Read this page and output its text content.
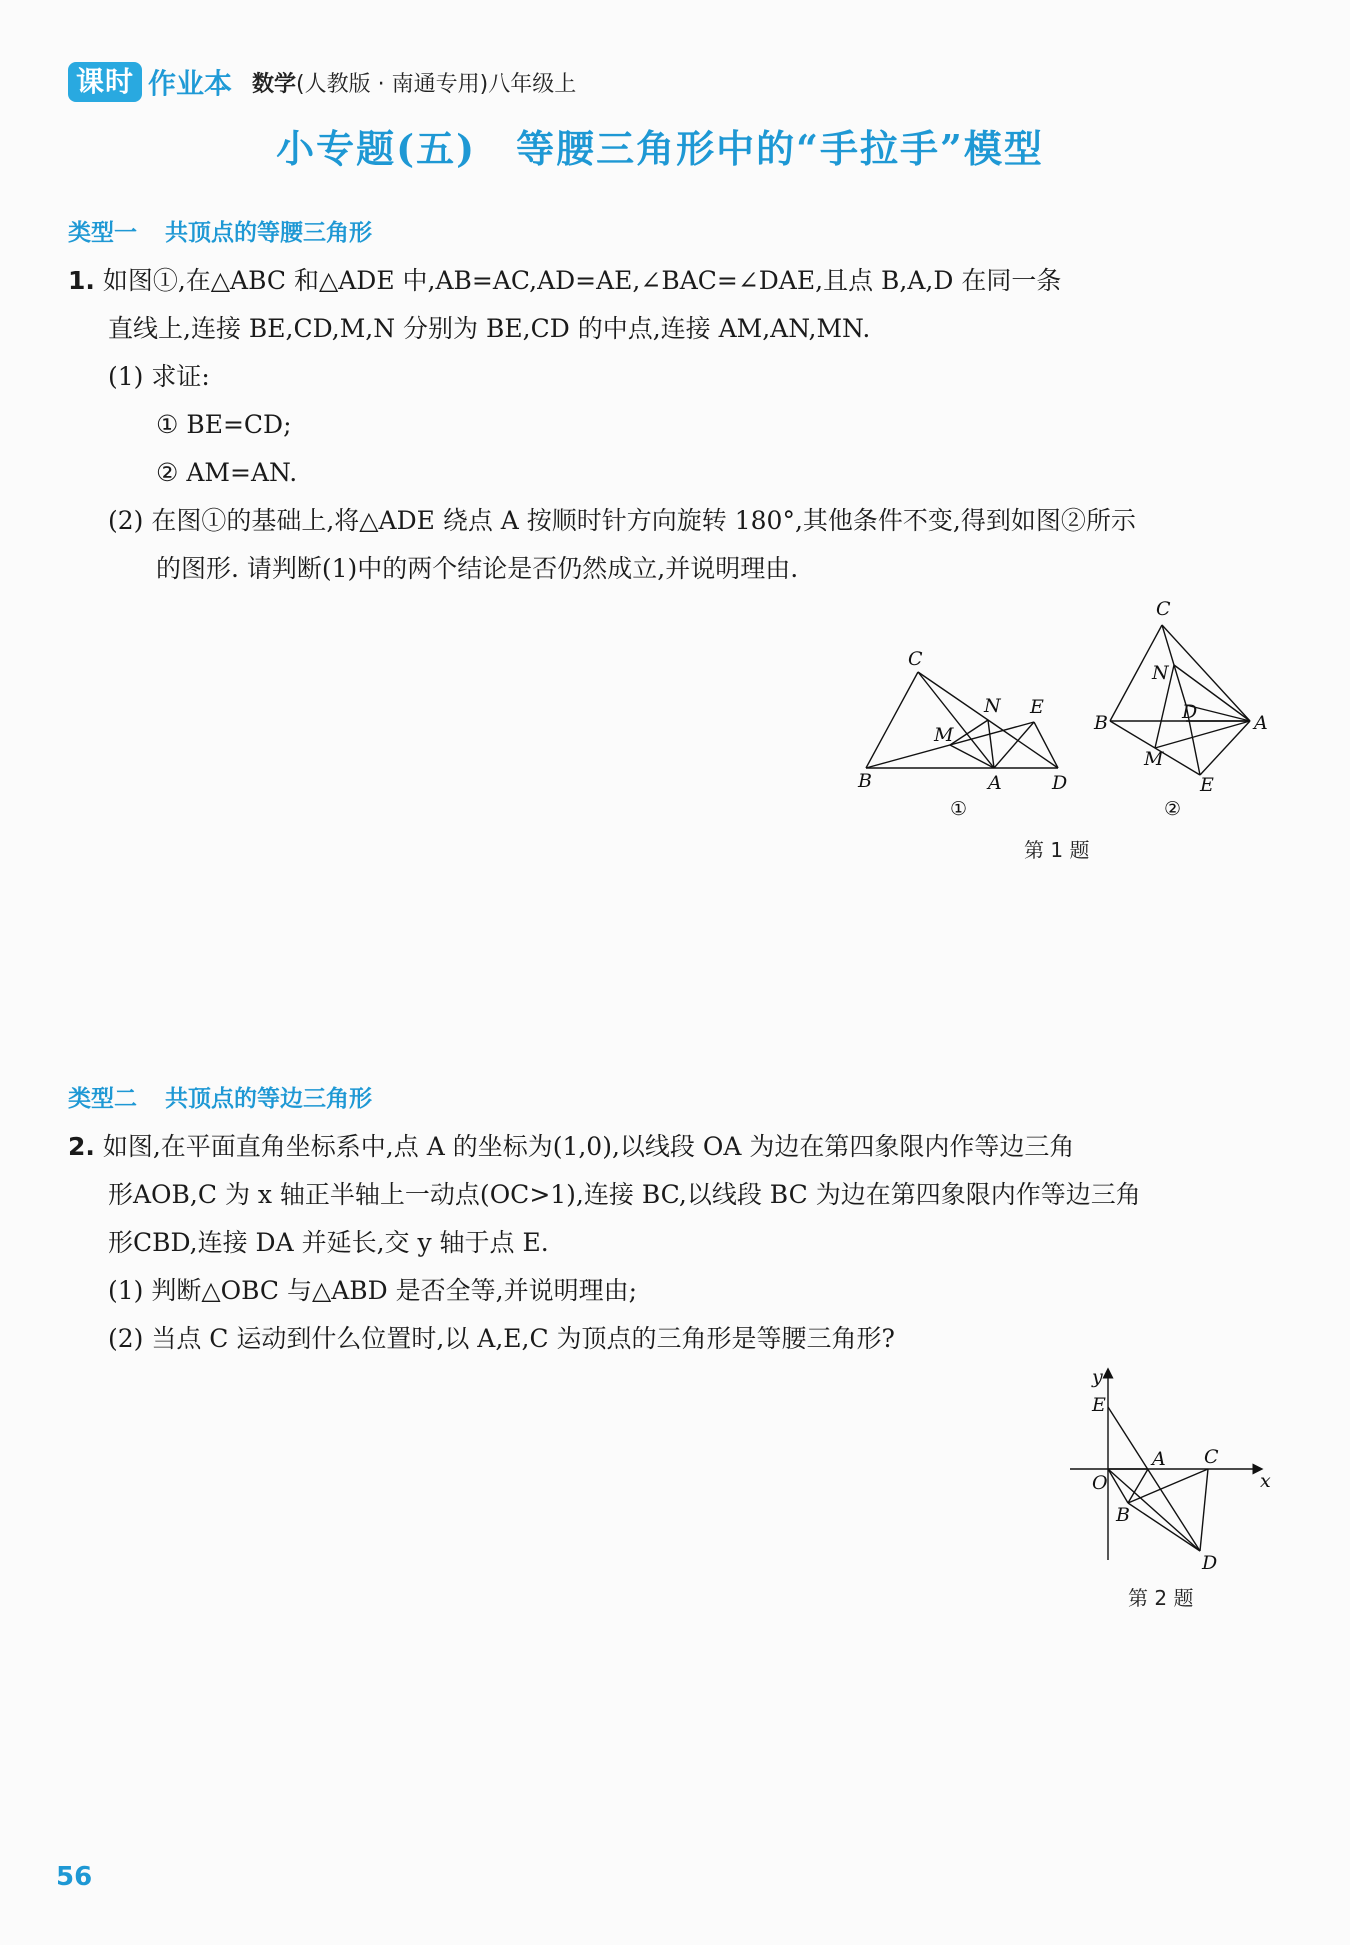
课时 作业本 数学(人教版 · 南通专用)八年级上
小专题(五)　等腰三角形中的“手拉手”模型
类型一 共顶点的等腰三角形
1. 如图①,在△ABC 和△ADE 中,AB=AC,AD=AE,∠BAC=∠DAE,且点 B,A,D 在同一条
直线上,连接 BE,CD,M,N 分别为 BE,CD 的中点,连接 AM,AN,MN.
(1) 求证:
① BE=CD;
② AM=AN.
(2) 在图①的基础上,将△ADE 绕点 A 按顺时针方向旋转 180°,其他条件不变,得到如图②所示
的图形. 请判断(1)中的两个结论是否仍然成立,并说明理由.
B
C
A	D
E
M
N
①
C
N
D
B	A
M
E
②
第 1 题
类型二 共顶点的等边三角形
2. 如图,在平面直角坐标系中,点 A 的坐标为(1,0),以线段 OA 为边在第四象限内作等边三角
形AOB,C 为 x 轴正半轴上一动点(OC>1),连接 BC,以线段 BC 为边在第四象限内作等边三角
形CBD,连接 DA 并延长,交 y 轴于点 E.
(1) 判断△OBC 与△ABD 是否全等,并说明理由;
(2) 当点 C 运动到什么位置时,以 A,E,C 为顶点的三角形是等腰三角形?
y
x
O
E
A C
B
D
第 2 题
56
